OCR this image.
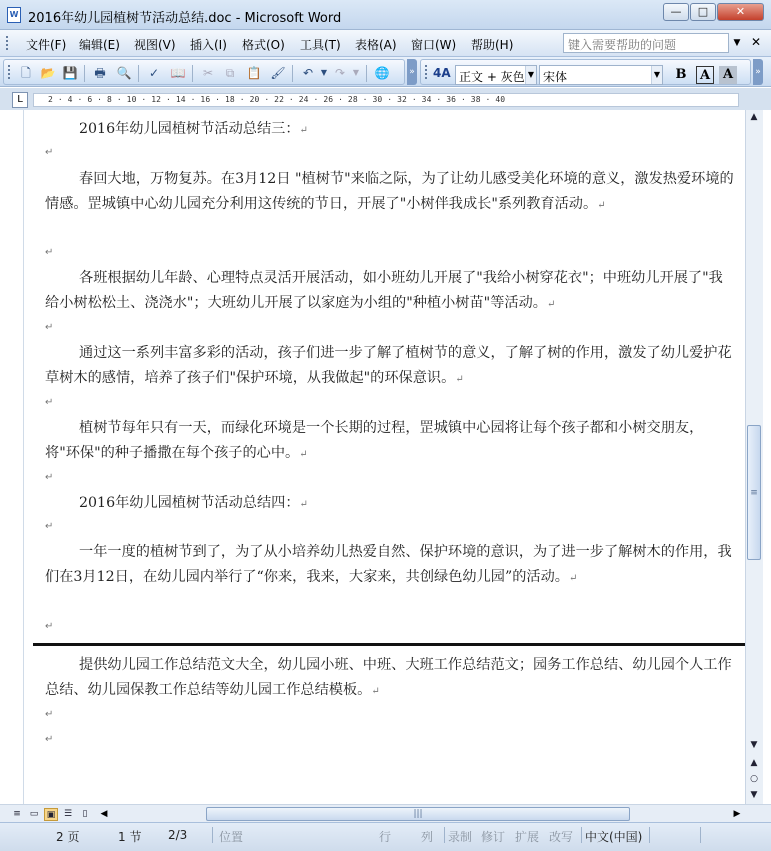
W 2016年幼儿园植树节活动总结.doc - Microsoft Word	—	□	✕
文件(F) 编辑(E) 视图(V) 插入(I) 格式(O) 工具(T) 表格(A) 窗口(W) 帮助(H)	键入需要帮助的问题	▼ ✕
🗋 📂 💾 🖶 🔍 ✓ 📖 ✂	⧉	📋 🖌 ↶ ▼ ↷ ▼	🌐 » 4A 正文 + 灰色 ▼ 宋体	▼ B	A A	»
L	2 · 4 · 6 · 8 · 10 · 12 · 14 · 16 · 18 · 20 · 22 · 24 · 26 · 28 · 30 · 32 · 34 · 36 · 38 · 40
2016年幼儿园植树节活动总结三：↵
↵
春回大地，万物复苏。在3月12日 "植树节"来临之际，为了让幼儿感受美化环境的意义，激发热爱环境的情感。罡城镇中心幼儿园充分利用这传统的节日，开展了"小树伴我成长"系列教育活动。↵
↵
各班根据幼儿年龄、心理特点灵活开展活动，如小班幼儿开展了"我给小树穿花衣"；中班幼儿开展了"我给小树松松土、浇浇水"；大班幼儿开展了以家庭为小组的"种植小树苗"等活动。↵
↵
通过这一系列丰富多彩的活动，孩子们进一步了解了植树节的意义，了解了树的作用，激发了幼儿爱护花草树木的感情，培养了孩子们"保护环境，从我做起"的环保意识。↵
↵
植树节每年只有一天，而绿化环境是一个长期的过程，罡城镇中心园将让每个孩子都和小树交朋友，将"环保"的种子播撒在每个孩子的心中。↵
↵
2016年幼儿园植树节活动总结四：↵
↵
一年一度的植树节到了，为了从小培养幼儿热爱自然、保护环境的意识，为了进一步了解树木的作用，我们在3月12日，在幼儿园内举行了“你来，我来，大家来，共创绿色幼儿园”的活动。↵
↵
提供幼儿园工作总结范文大全，幼儿园小班、中班、大班工作总结范文；园务工作总结、幼儿园个人工作总结、幼儿园保教工作总结等幼儿园工作总结模板。↵
↵
↵
▲
≡
▼
▲
○
▼
≡ ▭ ▣ ☰	▯	◀	|||	▶
2 页	1 节 2/3	位置	行 列 录制 修订 扩展 改写 中文(中国)
